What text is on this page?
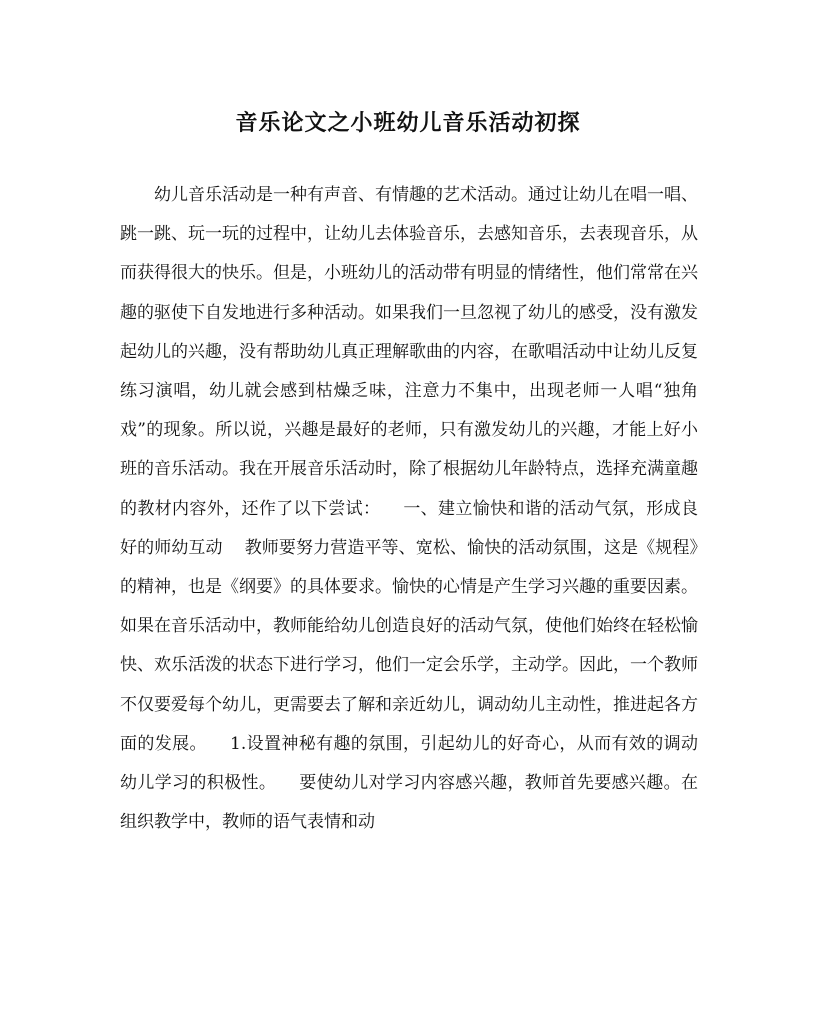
音乐论文之小班幼儿音乐活动初探

幼儿音乐活动是一种有声音、有情趣的艺术活动。通过让幼儿在唱一唱、跳一跳、玩一玩的过程中，让幼儿去体验音乐，去感知音乐，去表现音乐，从而获得很大的快乐。但是，小班幼儿的活动带有明显的情绪性，他们常常在兴趣的驱使下自发地进行多种活动。如果我们一旦忽视了幼儿的感受，没有激发起幼儿的兴趣，没有帮助幼儿真正理解歌曲的内容，在歌唱活动中让幼儿反复练习演唱，幼儿就会感到枯燥乏味，注意力不集中，出现老师一人唱“独角戏”的现象。所以说，兴趣是最好的老师，只有激发幼儿的兴趣，才能上好小班的音乐活动。我在开展音乐活动时，除了根据幼儿年龄特点，选择充满童趣的教材内容外，还作了以下尝试：    一、建立愉快和谐的活动气氛，形成良好的师幼互动    教师要努力营造平等、宽松、愉快的活动氛围，这是《规程》的精神，也是《纲要》的具体要求。愉快的心情是产生学习兴趣的重要因素。如果在音乐活动中，教师能给幼儿创造良好的活动气氛，使他们始终在轻松愉快、欢乐活泼的状态下进行学习，他们一定会乐学，主动学。因此，一个教师不仅要爱每个幼儿，更需要去了解和亲近幼儿，调动幼儿主动性，推进起各方面的发展。    1.设置神秘有趣的氛围，引起幼儿的好奇心，从而有效的调动幼儿学习的积极性。    要使幼儿对学习内容感兴趣，教师首先要感兴趣。在组织教学中，教师的语气表情和动
